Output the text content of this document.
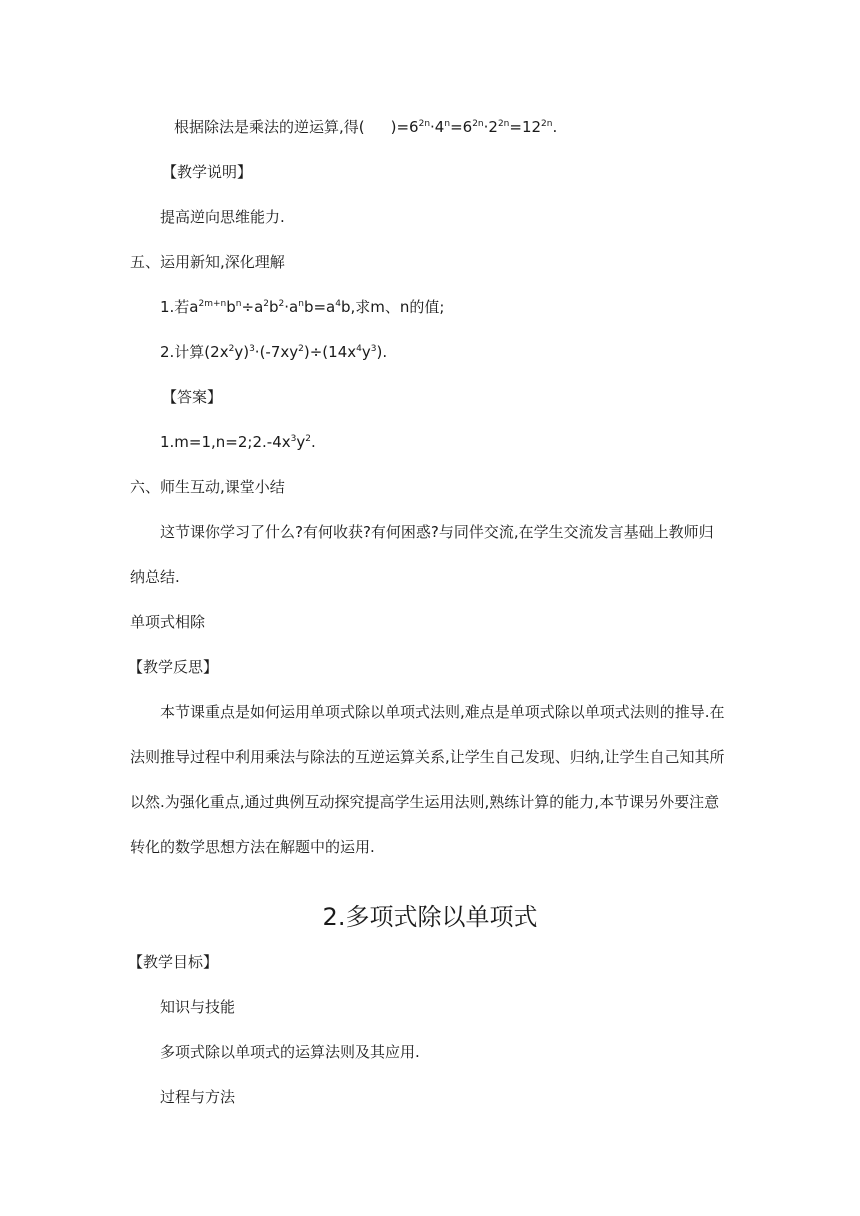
根据除法是乘法的逆运算,得( )$=6^{2n}\cdot 4^n=6^{2n}\cdot 2^{2n}=12^{2n}$.
【教学说明】
提高逆向思维能力.
五、运用新知,深化理解
1.若$a^{2m+n}b^n\div a^2b^2\cdot a^nb=a^4b$,求m、n的值;
2.计算$(2x^2y)^3\cdot(-7xy^2)\div(14x^4y^3)$.
【答案】
$1.m=1,n=2;2.-4x^3y^2$.
六、师生互动,课堂小结
这节课你学习了什么?有何收获?有何困惑?与同伴交流,在学生交流发言基础上教师归
纳总结.
单项式相除
【教学反思】
本节课重点是如何运用单项式除以单项式法则,难点是单项式除以单项式法则的推导.在
法则推导过程中利用乘法与除法的互逆运算关系,让学生自己发现、归纳,让学生自己知其所
以然.为强化重点,通过典例互动探究提高学生运用法则,熟练计算的能力,本节课另外要注意
转化的数学思想方法在解题中的运用.
2.多项式除以单项式
【教学目标】
知识与技能
多项式除以单项式的运算法则及其应用.
过程与方法
